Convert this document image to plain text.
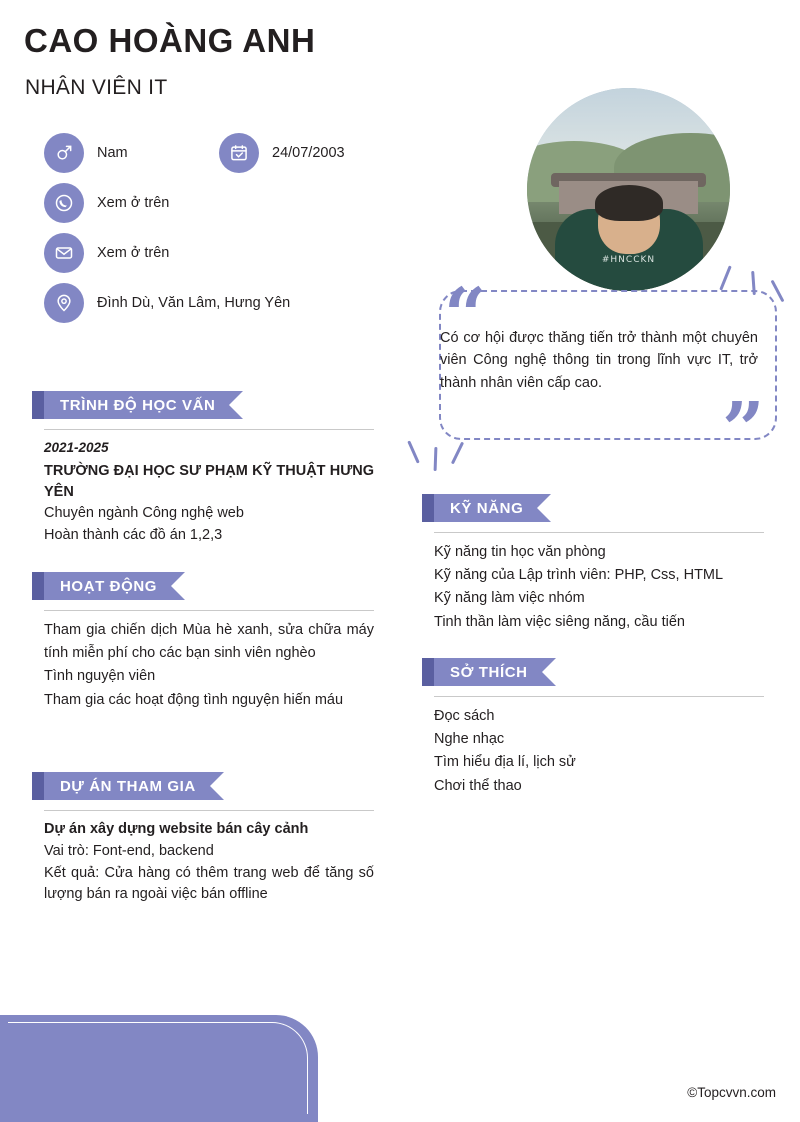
CAO HOÀNG ANH
NHÂN VIÊN IT
Nam	24/07/2003
Xem ở trên
Xem ở trên
Đình Dù, Văn Lâm, Hưng Yên
#HNCCKN
“
”
Có cơ hội được thăng tiến trở thành một chuyên viên Công nghệ thông tin trong lĩnh vực IT, trở thành nhân viên cấp cao.
TRÌNH ĐỘ HỌC VẤN
2021-2025
TRƯỜNG ĐẠI HỌC SƯ PHẠM KỸ THUẬT HƯNG YÊN
Chuyên ngành Công nghệ web
Hoàn thành các đồ án 1,2,3
HOẠT ĐỘNG
Tham gia chiến dịch Mùa hè xanh, sửa chữa máy tính miễn phí cho các bạn sinh viên nghèo
Tình nguyện viên
Tham gia các hoạt động tình nguyện hiến máu
DỰ ÁN THAM GIA
Dự án xây dựng website bán cây cảnh
Vai trò: Font-end, backend
Kết quả: Cửa hàng có thêm trang web để tăng số lượng bán ra ngoài việc bán offline
KỸ NĂNG
Kỹ năng tin học văn phòng
Kỹ năng của Lập trình viên: PHP, Css, HTML
Kỹ năng làm việc nhóm
Tinh thần làm việc siêng năng, cầu tiến
SỞ THÍCH
Đọc sách
Nghe nhạc
Tìm hiểu địa lí, lịch sử
Chơi thể thao
©Topcvvn.com
